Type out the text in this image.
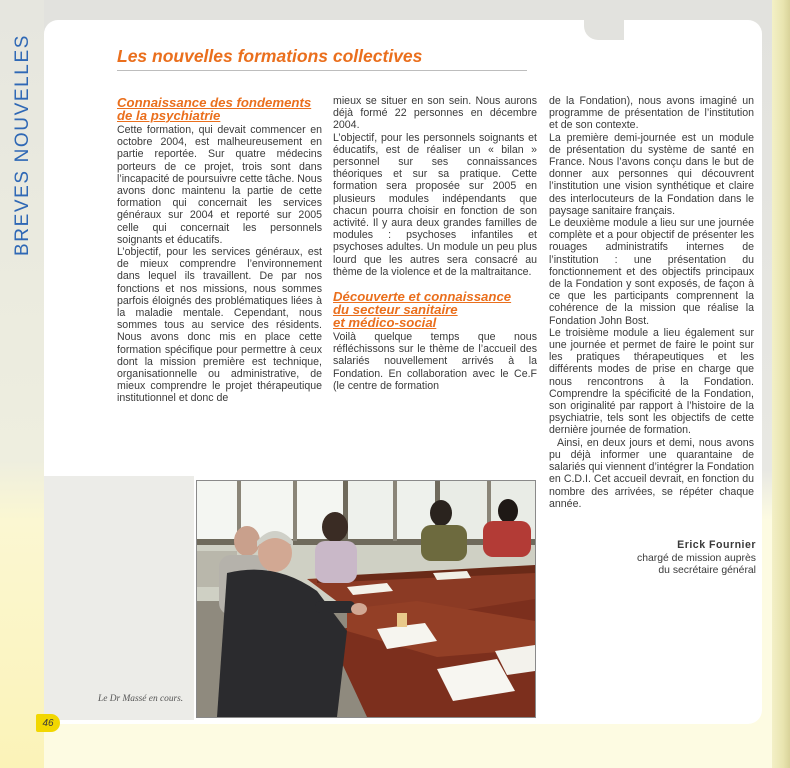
BREVES NOUVELLES	Les nouvelles formations collectives
Connaissance des fondements
de la psychiatrie

Cette formation, qui devait commencer en octobre 2004, est malheureusement en partie reportée. Sur quatre médecins porteurs de ce projet, trois sont dans l’incapacité de poursuivre cette tâche. Nous avons donc maintenu la partie de cette formation qui concernait les services généraux sur 2004 et reporté sur 2005 celle qui concernait les personnels soignants et éducatifs.

L’objectif, pour les services généraux, est de mieux comprendre l’environnement dans lequel ils travaillent. De par nos fonctions et nos missions, nous sommes parfois éloignés des problématiques liées à la maladie mentale. Cependant, nous sommes tous au service des résidents. Nous avons donc mis en place cette formation spécifique pour permettre à ceux dont la mission première est technique, organisationnelle ou administrative, de mieux comprendre le projet thérapeutique institutionnel et donc de

mieux se situer en son sein. Nous aurons déjà formé 22 personnes en décembre 2004.

L’objectif, pour les personnels soignants et éducatifs, est de réaliser un « bilan » personnel sur ses connaissances théoriques et sur sa pratique. Cette formation sera proposée sur 2005 en plusieurs modules indépendants que chacun pourra choisir en fonction de son activité. Il y aura deux grandes familles de modules : psychoses infantiles et psychoses adultes. Un module un peu plus lourd que les autres sera consacré au thème de la violence et de la maltraitance.

Découverte et connaissance
du secteur sanitaire
et médico-social

Voilà quelque temps que nous réfléchissons sur le thème de l’accueil des salariés nouvellement arrivés à la Fondation. En collaboration avec le Ce.F (le centre de formation

de la Fondation), nous avons imaginé un programme de présentation de l’institution et de son contexte.

La première demi-journée est un module de présentation du système de santé en France. Nous l’avons conçu dans le but de donner aux personnes qui découvrent l’institution une vision synthétique et claire des interlocuteurs de la Fondation dans le paysage sanitaire français.

Le deuxième module a lieu sur une journée complète et a pour objectif de présenter les rouages administratifs internes de l’institution : une présentation du fonctionnement et des objectifs principaux de la Fondation y sont exposés, de façon à ce que les participants comprennent la cohérence de la mission que réalise la Fondation John Bost.

Le troisième module a lieu également sur une journée et permet de faire le point sur les pratiques thérapeutiques et les différents modes de prise en charge que nous rencontrons à la Fondation. Comprendre la spécificité de la Fondation, son originalité par rapport à l’histoire de la psychiatrie, tels sont les objectifs de cette dernière journée de formation.

Ainsi, en deux jours et demi, nous avons pu déjà informer une quarantaine de salariés qui viennent d’intégrer la Fondation en C.D.I. Cet accueil devrait, en fonction du nombre des arrivées, se répéter chaque année.

Erick Fournier
chargé de mission auprès
du secrétaire général
Le Dr Massé en cours.
46
